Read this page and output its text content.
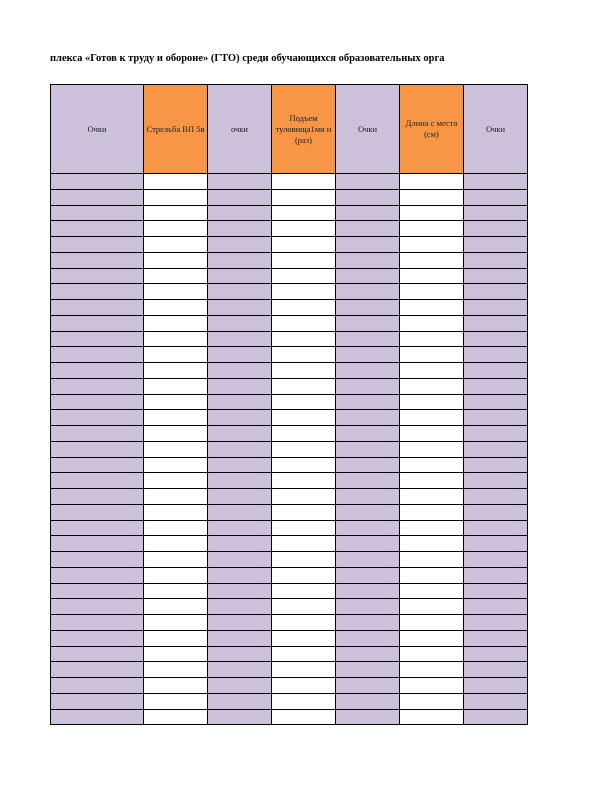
плекса «Готов к труду и обороне» (ГТО) среди обучающихся образовательных орга
Очки	Стрельба ВП 5в	очки	Подъем туловища1ми н (раз)	Очки	Длина с места (см)	Очки
